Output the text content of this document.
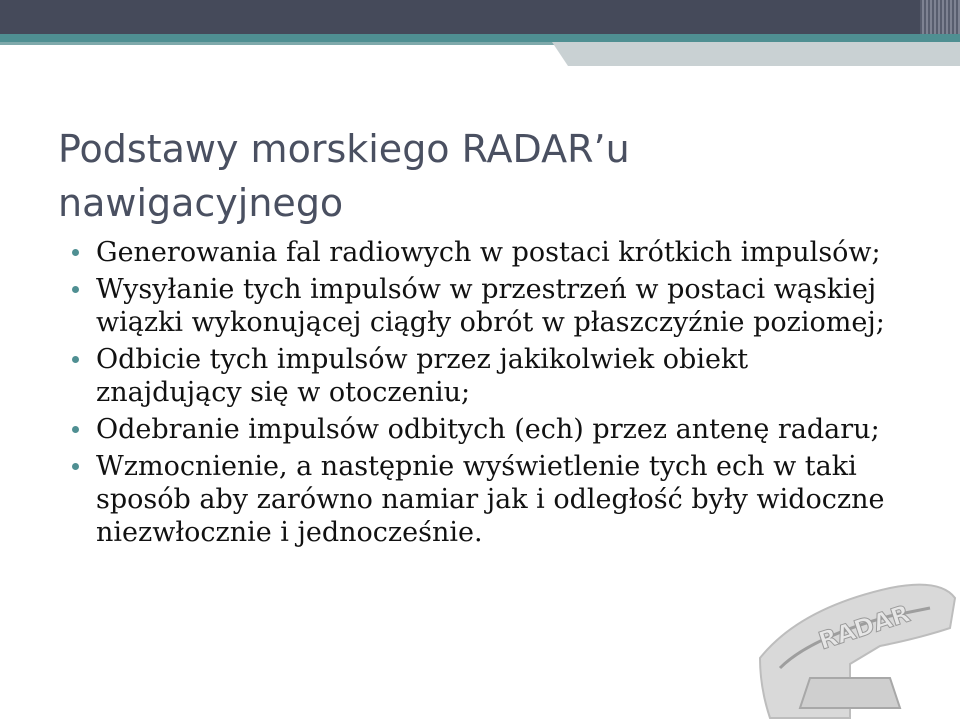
Podstawy morskiego RADAR’u nawigacyjnego
Generowania fal radiowych w postaci krótkich impulsów;
Wysyłanie tych impulsów w przestrzeń w postaci wąskiej wiązki wykonującej ciągły obrót w płaszczyźnie poziomej;
Odbicie tych impulsów przez jakikolwiek obiekt znajdujący się w otoczeniu;
Odebranie impulsów odbitych (ech) przez antenę radaru;
Wzmocnienie, a następnie wyświetlenie tych ech w taki sposób aby zarówno namiar jak i odległość były widoczne niezwłocznie i jednocześnie.
RADAR
